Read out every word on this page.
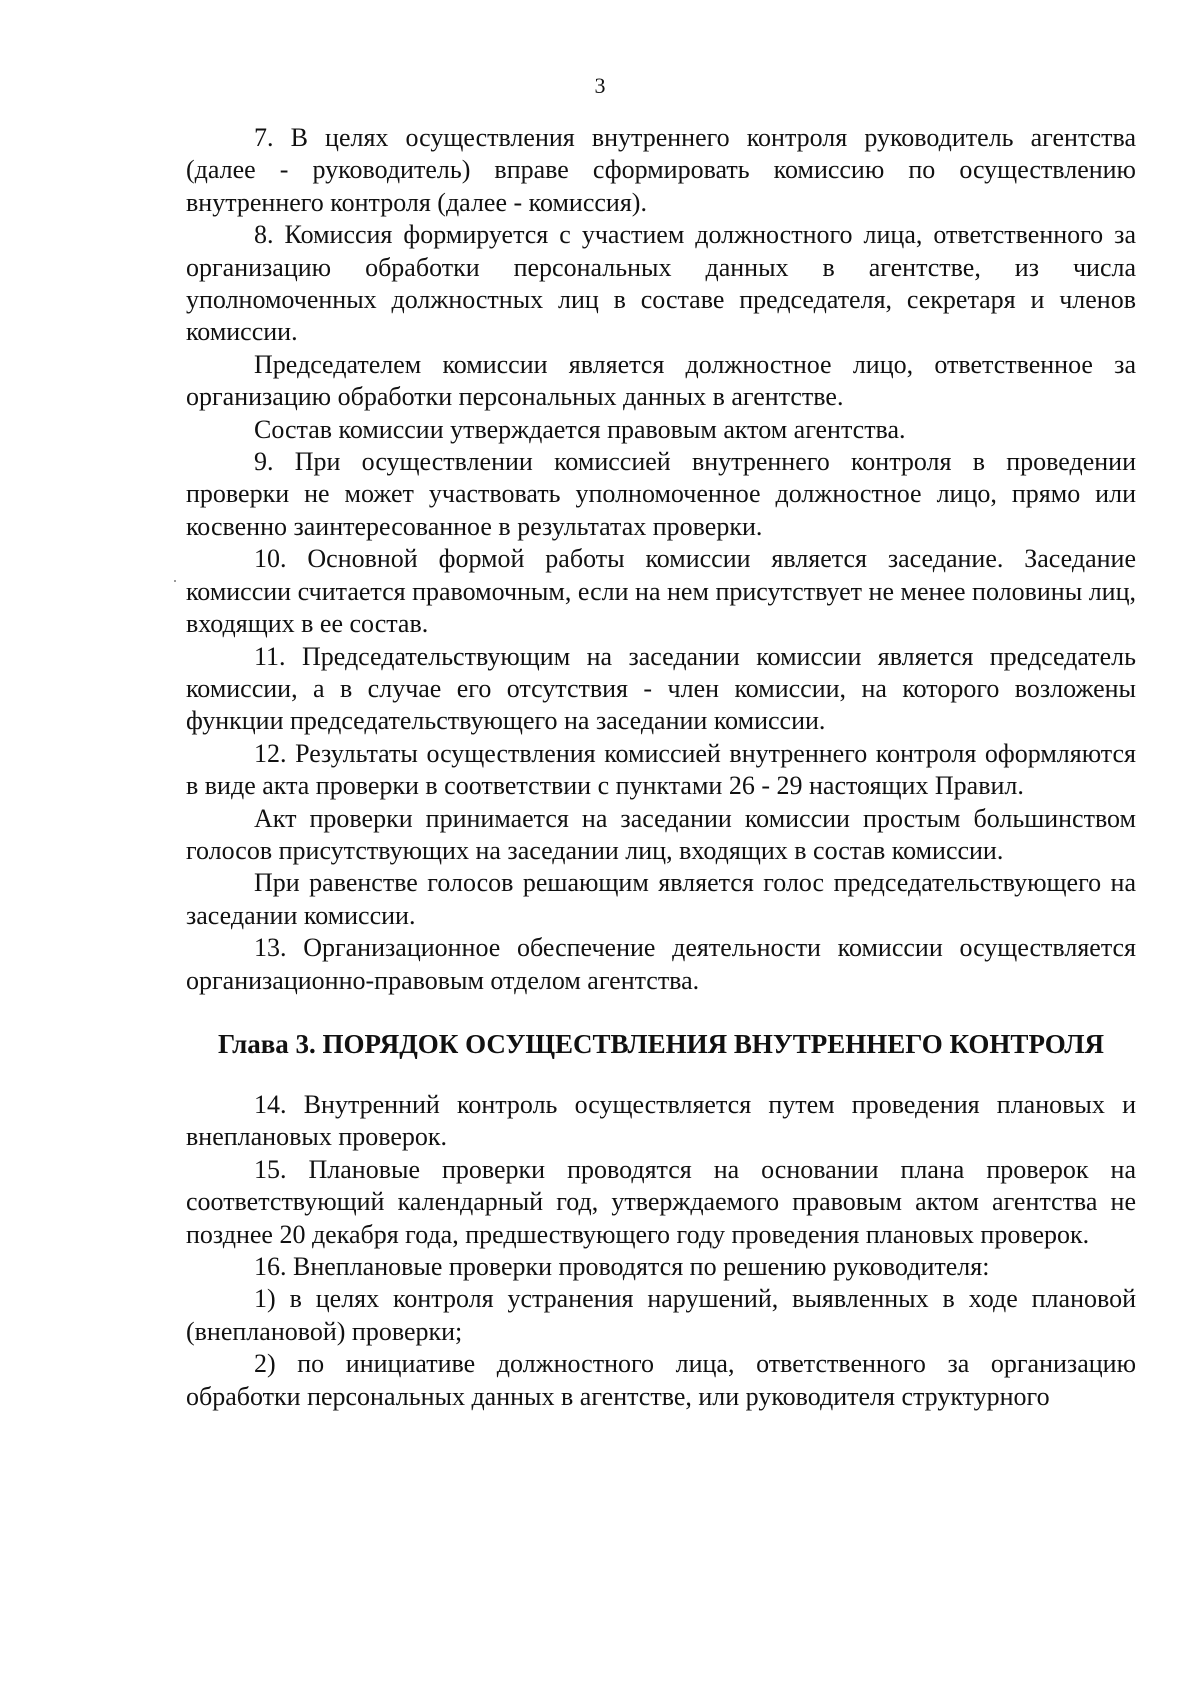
3

7. В целях осуществления внутреннего контроля руководитель агентства (далее - руководитель) вправе сформировать комиссию по осуществлению внутреннего контроля (далее - комиссия).

8. Комиссия формируется с участием должностного лица, ответственного за организацию обработки персональных данных в агентстве, из числа уполномоченных должностных лиц в составе председателя, секретаря и членов комиссии.

Председателем комиссии является должностное лицо, ответственное за организацию обработки персональных данных в агентстве.

Состав комиссии утверждается правовым актом агентства.

9. При осуществлении комиссией внутреннего контроля в проведении проверки не может участвовать уполномоченное должностное лицо, прямо или косвенно заинтересованное в результатах проверки.

10. Основной формой работы комиссии является заседание. Заседание комиссии считается правомочным, если на нем присутствует не менее половины лиц, входящих в ее состав.

11. Председательствующим на заседании комиссии является председатель комиссии, а в случае его отсутствия - член комиссии, на которого возложены функции председательствующего на заседании комиссии.

12. Результаты осуществления комиссией внутреннего контроля оформляются в виде акта проверки в соответствии с пунктами 26 - 29 настоящих Правил.

Акт проверки принимается на заседании комиссии простым большинством голосов присутствующих на заседании лиц, входящих в состав комиссии.

При равенстве голосов решающим является голос председательствующего на заседании комиссии.

13. Организационное обеспечение деятельности комиссии осуществляется организационно-правовым отделом агентства.

Глава 3. ПОРЯДОК ОСУЩЕСТВЛЕНИЯ ВНУТРЕННЕГО КОНТРОЛЯ

14. Внутренний контроль осуществляется путем проведения плановых и внеплановых проверок.

15. Плановые проверки проводятся на основании плана проверок на соответствующий календарный год, утверждаемого правовым актом агентства не позднее 20 декабря года, предшествующего году проведения плановых проверок.

16. Внеплановые проверки проводятся по решению руководителя:

1) в целях контроля устранения нарушений, выявленных в ходе плановой (внеплановой) проверки;

2) по инициативе должностного лица, ответственного за организацию обработки персональных данных в агентстве, или руководителя структурного
